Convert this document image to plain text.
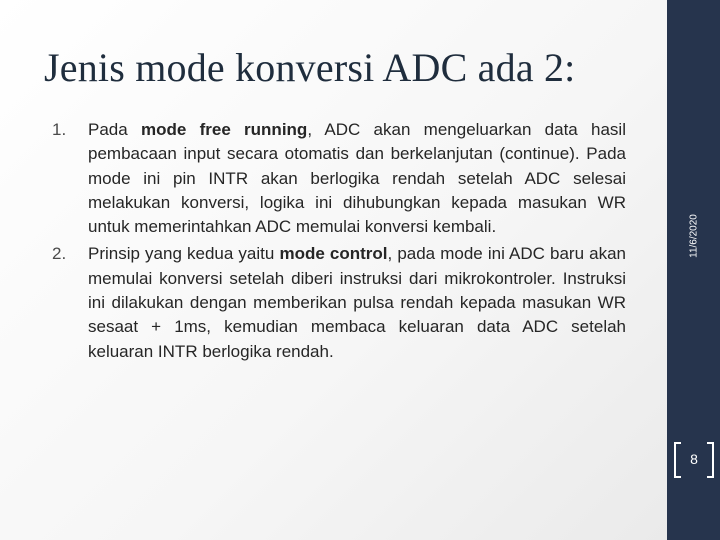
Jenis mode konversi ADC ada 2:
1. Pada mode free running, ADC akan mengeluarkan data hasil pembacaan input secara otomatis dan berkelanjutan (continue). Pada mode ini pin INTR akan berlogika rendah setelah ADC selesai melakukan konversi, logika ini dihubungkan kepada masukan WR untuk memerintahkan ADC memulai konversi kembali.
2. Prinsip yang kedua yaitu mode control, pada mode ini ADC baru akan memulai konversi setelah diberi instruksi dari mikrokontroler. Instruksi ini dilakukan dengan memberikan pulsa rendah kepada masukan WR sesaat + 1ms, kemudian membaca keluaran data ADC setelah keluaran INTR berlogika rendah.
11/6/2020
8
